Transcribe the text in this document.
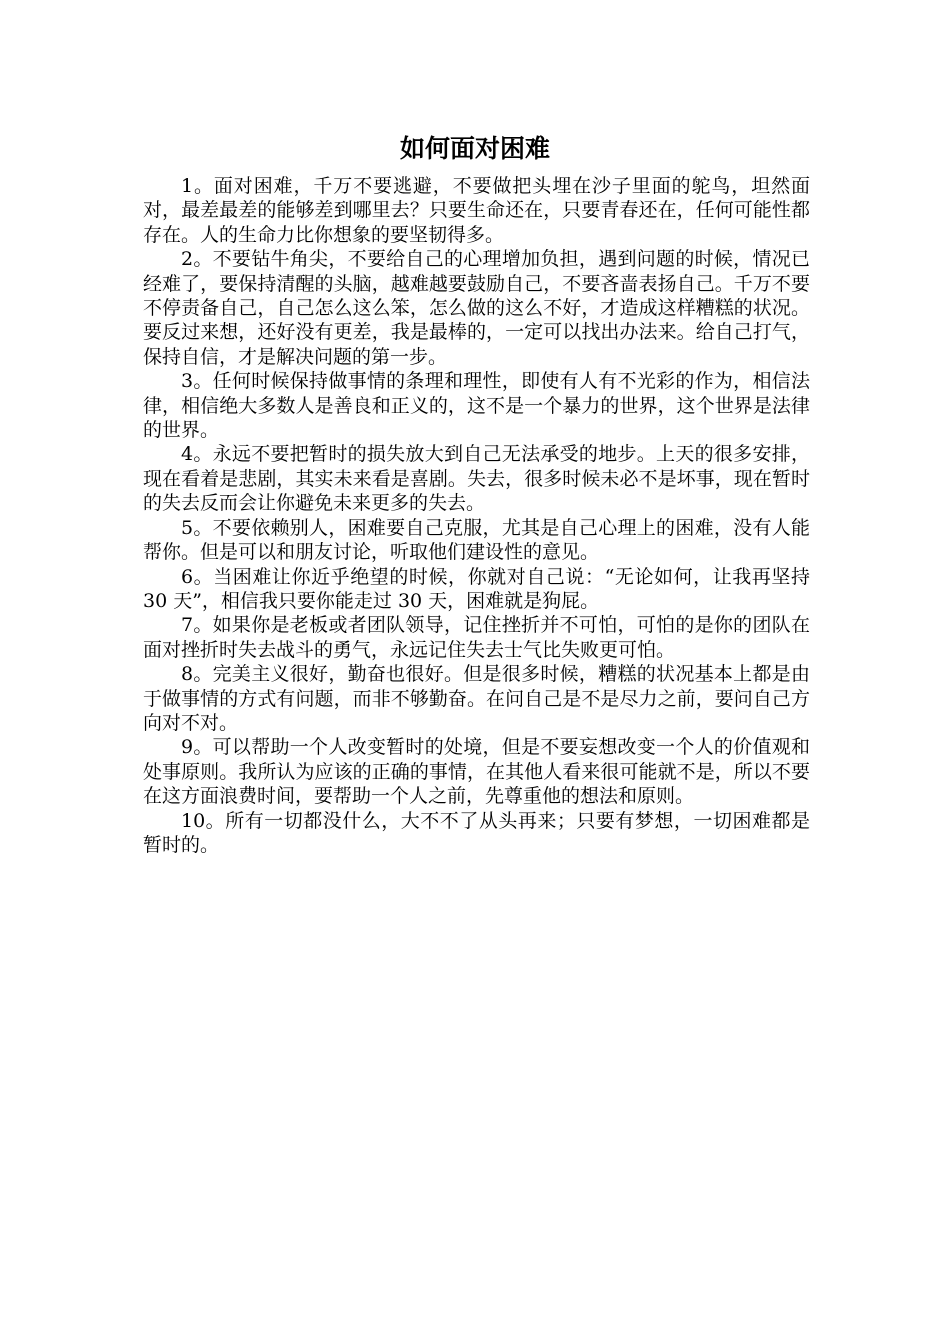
如何面对困难

1。面对困难，千万不要逃避，不要做把头埋在沙子里面的鸵鸟，坦然面对，最差最差的能够差到哪里去？只要生命还在，只要青春还在，任何可能性都存在。人的生命力比你想象的要坚韧得多。

2。不要钻牛角尖，不要给自己的心理增加负担，遇到问题的时候，情况已经难了，要保持清醒的头脑，越难越要鼓励自己，不要吝啬表扬自己。千万不要不停责备自己，自己怎么这么笨，怎么做的这么不好，才造成这样糟糕的状况。要反过来想，还好没有更差，我是最棒的，一定可以找出办法来。给自己打气，保持自信，才是解决问题的第一步。

3。任何时候保持做事情的条理和理性，即使有人有不光彩的作为，相信法律，相信绝大多数人是善良和正义的，这不是一个暴力的世界，这个世界是法律的世界。

4。永远不要把暂时的损失放大到自己无法承受的地步。上天的很多安排，现在看着是悲剧，其实未来看是喜剧。失去，很多时候未必不是坏事，现在暂时的失去反而会让你避免未来更多的失去。

5。不要依赖别人，困难要自己克服，尤其是自己心理上的困难，没有人能帮你。但是可以和朋友讨论，听取他们建设性的意见。

6。当困难让你近乎绝望的时候，你就对自己说：“无论如何，让我再坚持 30 天”，相信我只要你能走过 30 天，困难就是狗屁。

7。如果你是老板或者团队领导，记住挫折并不可怕，可怕的是你的团队在面对挫折时失去战斗的勇气，永远记住失去士气比失败更可怕。

8。完美主义很好，勤奋也很好。但是很多时候，糟糕的状况基本上都是由于做事情的方式有问题，而非不够勤奋。在问自己是不是尽力之前，要问自己方向对不对。

9。可以帮助一个人改变暂时的处境，但是不要妄想改变一个人的价值观和处事原则。我所认为应该的正确的事情，在其他人看来很可能就不是，所以不要在这方面浪费时间，要帮助一个人之前，先尊重他的想法和原则。

10。所有一切都没什么，大不不了从头再来；只要有梦想，一切困难都是暂时的。
